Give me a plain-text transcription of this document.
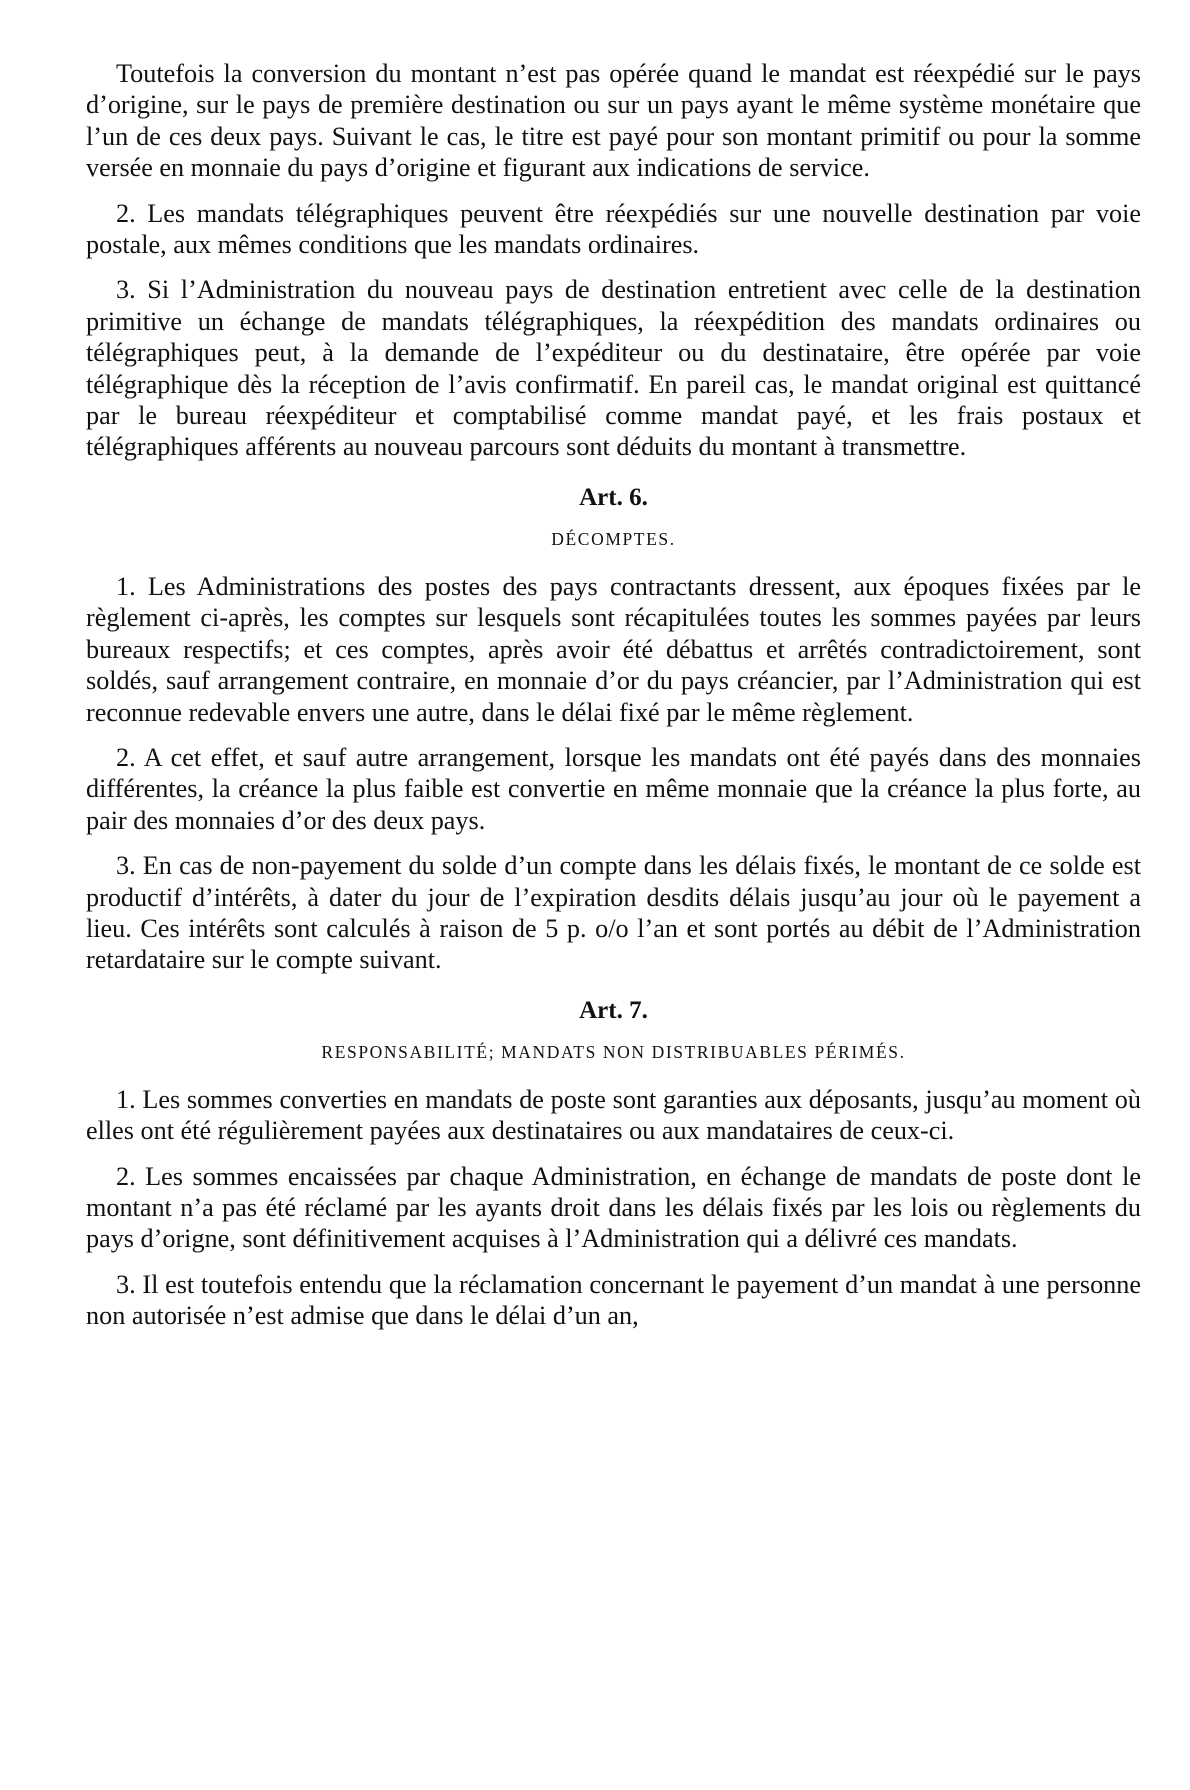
Toutefois la conversion du montant n’est pas opérée quand le mandat est réexpédié sur le pays d’origine, sur le pays de première destination ou sur un pays ayant le même système monétaire que l’un de ces deux pays. Suivant le cas, le titre est payé pour son montant primitif ou pour la somme versée en monnaie du pays d’origine et figurant aux indications de service.

2. Les mandats télégraphiques peuvent être réexpédiés sur une nouvelle destination par voie postale, aux mêmes conditions que les mandats ordinaires.

3. Si l’Administration du nouveau pays de destination entretient avec celle de la destination primitive un échange de mandats télégraphiques, la réexpédition des mandats ordinaires ou télégraphiques peut, à la demande de l’expéditeur ou du destinataire, être opérée par voie télégraphique dès la réception de l’avis confirmatif. En pareil cas, le mandat original est quittancé par le bureau réexpéditeur et comptabilisé comme mandat payé, et les frais postaux et télégraphiques afférents au nouveau parcours sont déduits du montant à transmettre.

Art. 6.
DÉCOMPTES.

1. Les Administrations des postes des pays contractants dressent, aux époques fixées par le règlement ci-après, les comptes sur lesquels sont récapitulées toutes les sommes payées par leurs bureaux respectifs; et ces comptes, après avoir été débattus et arrêtés contradictoirement, sont soldés, sauf arrangement contraire, en monnaie d’or du pays créancier, par l’Administration qui est reconnue redevable envers une autre, dans le délai fixé par le même règlement.

2. A cet effet, et sauf autre arrangement, lorsque les mandats ont été payés dans des monnaies différentes, la créance la plus faible est convertie en même monnaie que la créance la plus forte, au pair des monnaies d’or des deux pays.

3. En cas de non-payement du solde d’un compte dans les délais fixés, le montant de ce solde est productif d’intérêts, à dater du jour de l’expiration desdits délais jusqu’au jour où le payement a lieu. Ces intérêts sont calculés à raison de 5 p. o/o l’an et sont portés au débit de l’Administration retardataire sur le compte suivant.

Art. 7.
RESPONSABILITÉ; MANDATS NON DISTRIBUABLES PÉRIMÉS.

1. Les sommes converties en mandats de poste sont garanties aux déposants, jusqu’au moment où elles ont été régulièrement payées aux destinataires ou aux mandataires de ceux-ci.

2. Les sommes encaissées par chaque Administration, en échange de mandats de poste dont le montant n’a pas été réclamé par les ayants droit dans les délais fixés par les lois ou règlements du pays d’origne, sont définitivement acquises à l’Administration qui a délivré ces mandats.

3. Il est toutefois entendu que la réclamation concernant le payement d’un mandat à une personne non autorisée n’est admise que dans le délai d’un an,
